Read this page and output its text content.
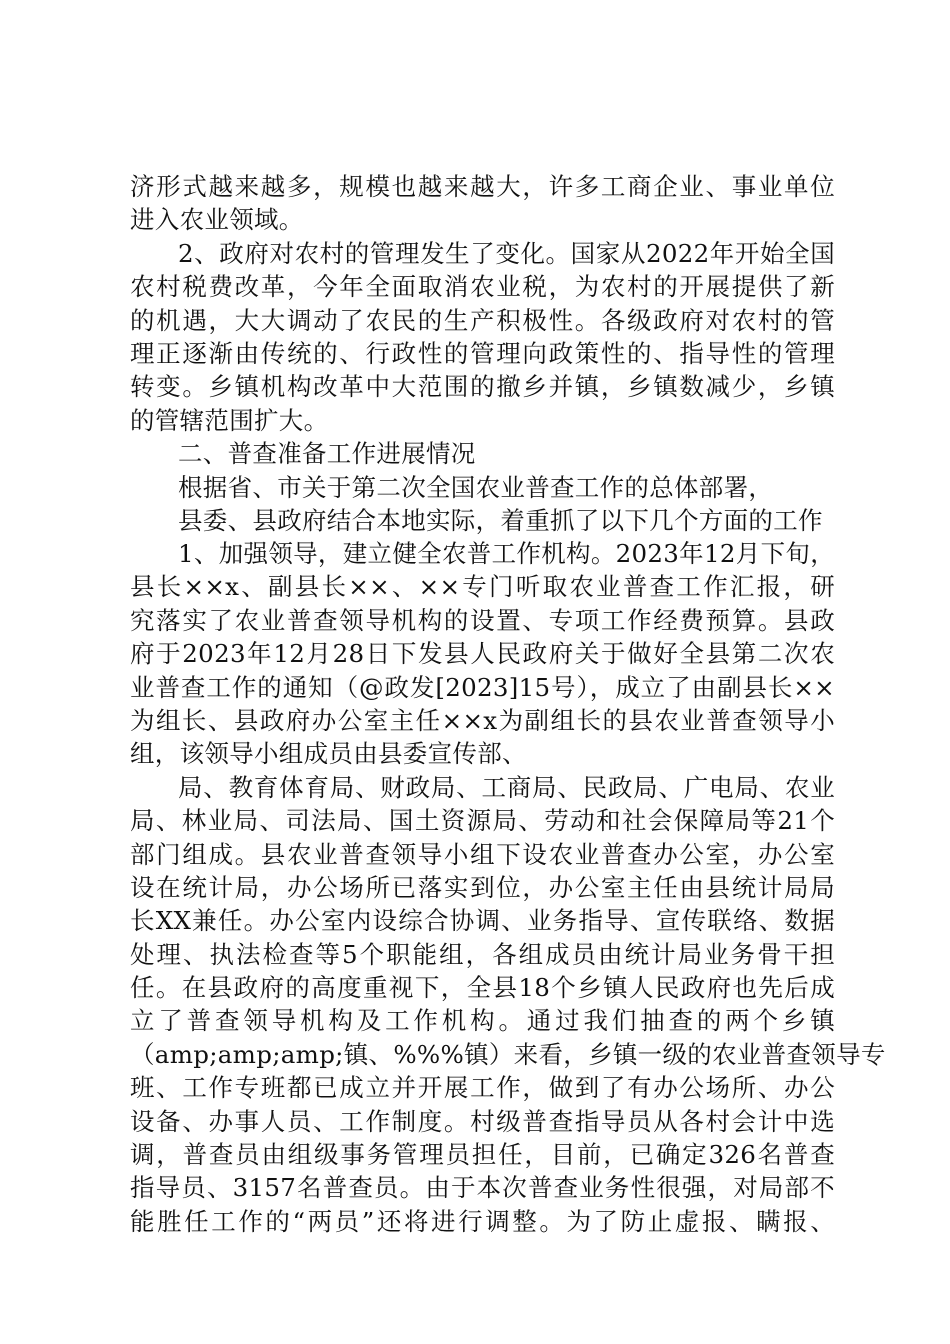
济形式越来越多，规模也越来越大，许多工商企业、事业单位
进入农业领域。
2、政府对农村的管理发生了变化。国家从2022年开始全国
农村税费改革，今年全面取消农业税，为农村的开展提供了新
的机遇，大大调动了农民的生产积极性。各级政府对农村的管
理正逐渐由传统的、行政性的管理向政策性的、指导性的管理
转变。乡镇机构改革中大范围的撤乡并镇，乡镇数减少，乡镇
的管辖范围扩大。
二、普查准备工作进展情况
根据省、市关于第二次全国农业普查工作的总体部署，
县委、县政府结合本地实际，着重抓了以下几个方面的工作
1、加强领导，建立健全农普工作机构。2023年12月下旬，
县长××x、副县长××、××专门听取农业普查工作汇报，研
究落实了农业普查领导机构的设置、专项工作经费预算。县政
府于2023年12月28日下发县人民政府关于做好全县第二次农
业普查工作的通知（@政发[2023]15号），成立了由副县长××
为组长、县政府办公室主任××x为副组长的县农业普查领导小
组，该领导小组成员由县委宣传部、
局、教育体育局、财政局、工商局、民政局、广电局、农业
局、林业局、司法局、国土资源局、劳动和社会保障局等21个
部门组成。县农业普查领导小组下设农业普查办公室，办公室
设在统计局，办公场所已落实到位，办公室主任由县统计局局
长XX兼任。办公室内设综合协调、业务指导、宣传联络、数据
处理、执法检查等5个职能组，各组成员由统计局业务骨干担
任。在县政府的高度重视下，全县18个乡镇人民政府也先后成
立了普查领导机构及工作机构。通过我们抽查的两个乡镇
（amp;amp;amp;镇、%%%镇）来看，乡镇一级的农业普查领导专
班、工作专班都已成立并开展工作，做到了有办公场所、办公
设备、办事人员、工作制度。村级普查指导员从各村会计中选
调，普查员由组级事务管理员担任，目前，已确定326名普查
指导员、3157名普查员。由于本次普查业务性很强，对局部不
能胜任工作的“两员”还将进行调整。为了防止虚报、瞒报、
